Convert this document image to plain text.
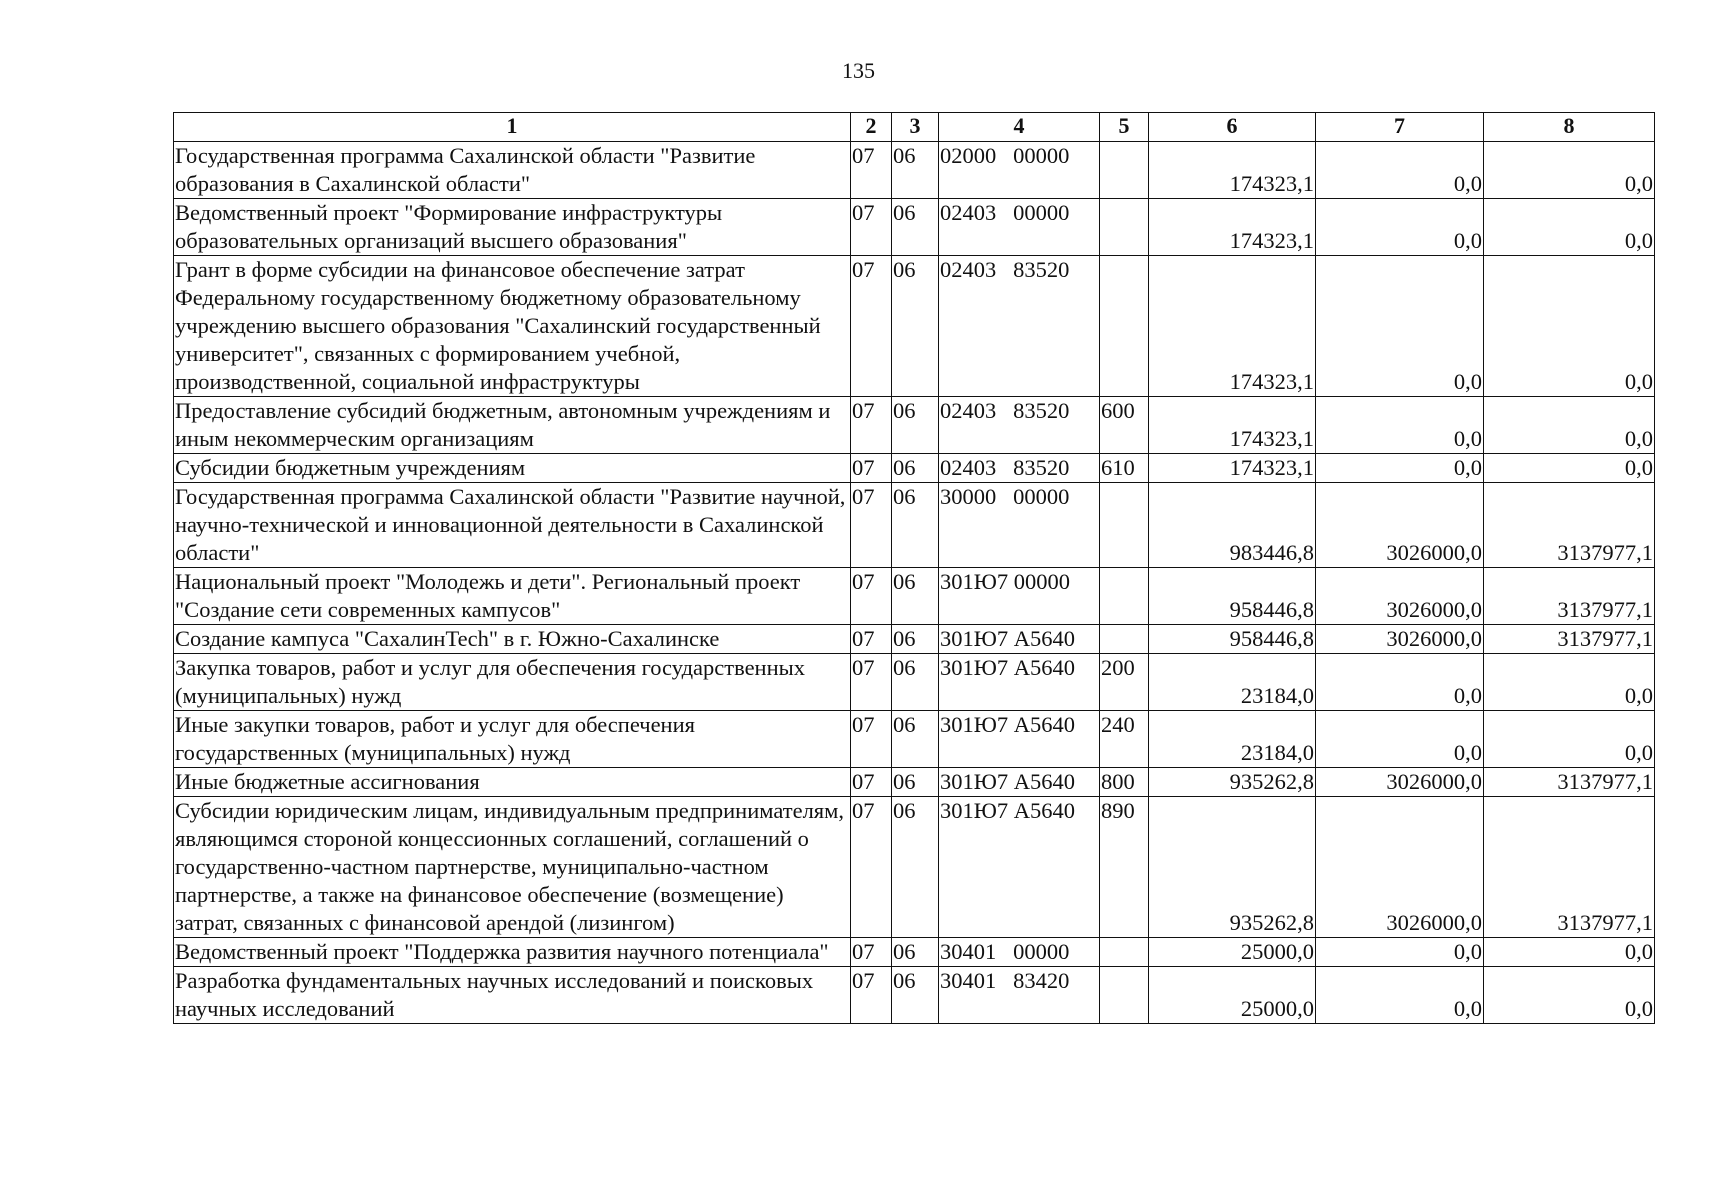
135
1	2	3	4	5	6	7	8
Государственная программа Сахалинской области "Развитие образования в Сахалинской области"	07	06	02000   00000		174323,1	0,0	0,0
Ведомственный проект "Формирование инфраструктуры образовательных организаций высшего образования"	07	06	02403   00000		174323,1	0,0	0,0
Грант в форме субсидии на финансовое обеспечение затрат Федеральному государственному бюджетному образовательному учреждению высшего образования "Сахалинский государственный университет", связанных с формированием учебной, производственной, социальной инфраструктуры	07	06	02403   83520		174323,1	0,0	0,0
Предоставление субсидий бюджетным, автономным учреждениям и иным некоммерческим организациям	07	06	02403   83520	600	174323,1	0,0	0,0
Субсидии бюджетным учреждениям	07	06	02403   83520	610	174323,1	0,0	0,0
Государственная программа Сахалинской области "Развитие научной, научно-технической и инновационной деятельности в Сахалинской области"	07	06	30000   00000		983446,8	3026000,0	3137977,1
Национальный проект "Молодежь и дети". Региональный проект "Создание сети современных кампусов"	07	06	301Ю7 00000		958446,8	3026000,0	3137977,1
Создание кампуса "СахалинTech" в г. Южно-Сахалинске	07	06	301Ю7 А5640		958446,8	3026000,0	3137977,1
Закупка товаров, работ и услуг для обеспечения государственных (муниципальных) нужд	07	06	301Ю7 А5640	200	23184,0	0,0	0,0
Иные закупки товаров, работ и услуг для обеспечения государственных (муниципальных) нужд	07	06	301Ю7 А5640	240	23184,0	0,0	0,0
Иные бюджетные ассигнования	07	06	301Ю7 А5640	800	935262,8	3026000,0	3137977,1
Субсидии юридическим лицам, индивидуальным предпринимателям, являющимся стороной концессионных соглашений, соглашений о государственно-частном партнерстве, муниципально-частном партнерстве, а также на финансовое обеспечение (возмещение) затрат, связанных с финансовой арендой (лизингом)	07	06	301Ю7 А5640	890	935262,8	3026000,0	3137977,1
Ведомственный проект "Поддержка развития научного потенциала"	07	06	30401   00000		25000,0	0,0	0,0
Разработка фундаментальных научных исследований и поисковых научных исследований	07	06	30401   83420		25000,0	0,0	0,0
